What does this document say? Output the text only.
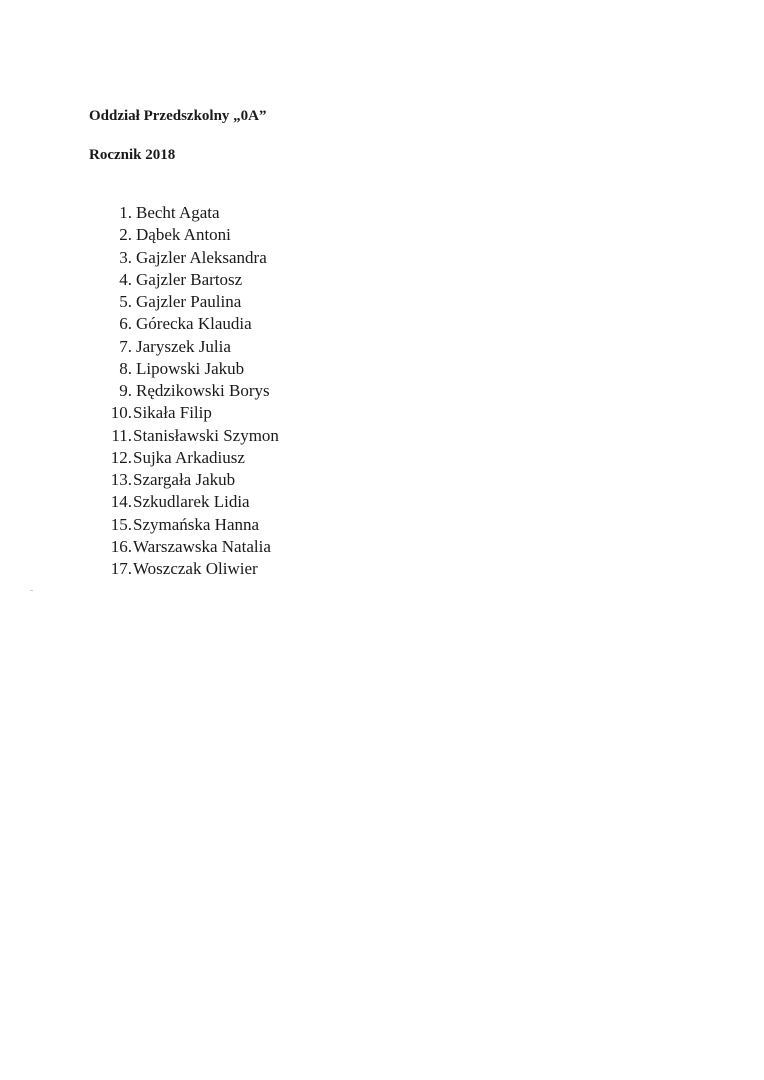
Oddział Przedszkolny „0A”

Rocznik 2018

1. Becht Agata
2. Dąbek Antoni
3. Gajzler Aleksandra
4. Gajzler Bartosz
5. Gajzler Paulina
6. Górecka Klaudia
7. Jaryszek Julia
8. Lipowski Jakub
9. Rędzikowski Borys
10. Sikała Filip
11. Stanisławski Szymon
12. Sujka Arkadiusz
13. Szargała Jakub
14. Szkudlarek Lidia
15. Szymańska Hanna
16. Warszawska Natalia
17. Woszczak Oliwier
